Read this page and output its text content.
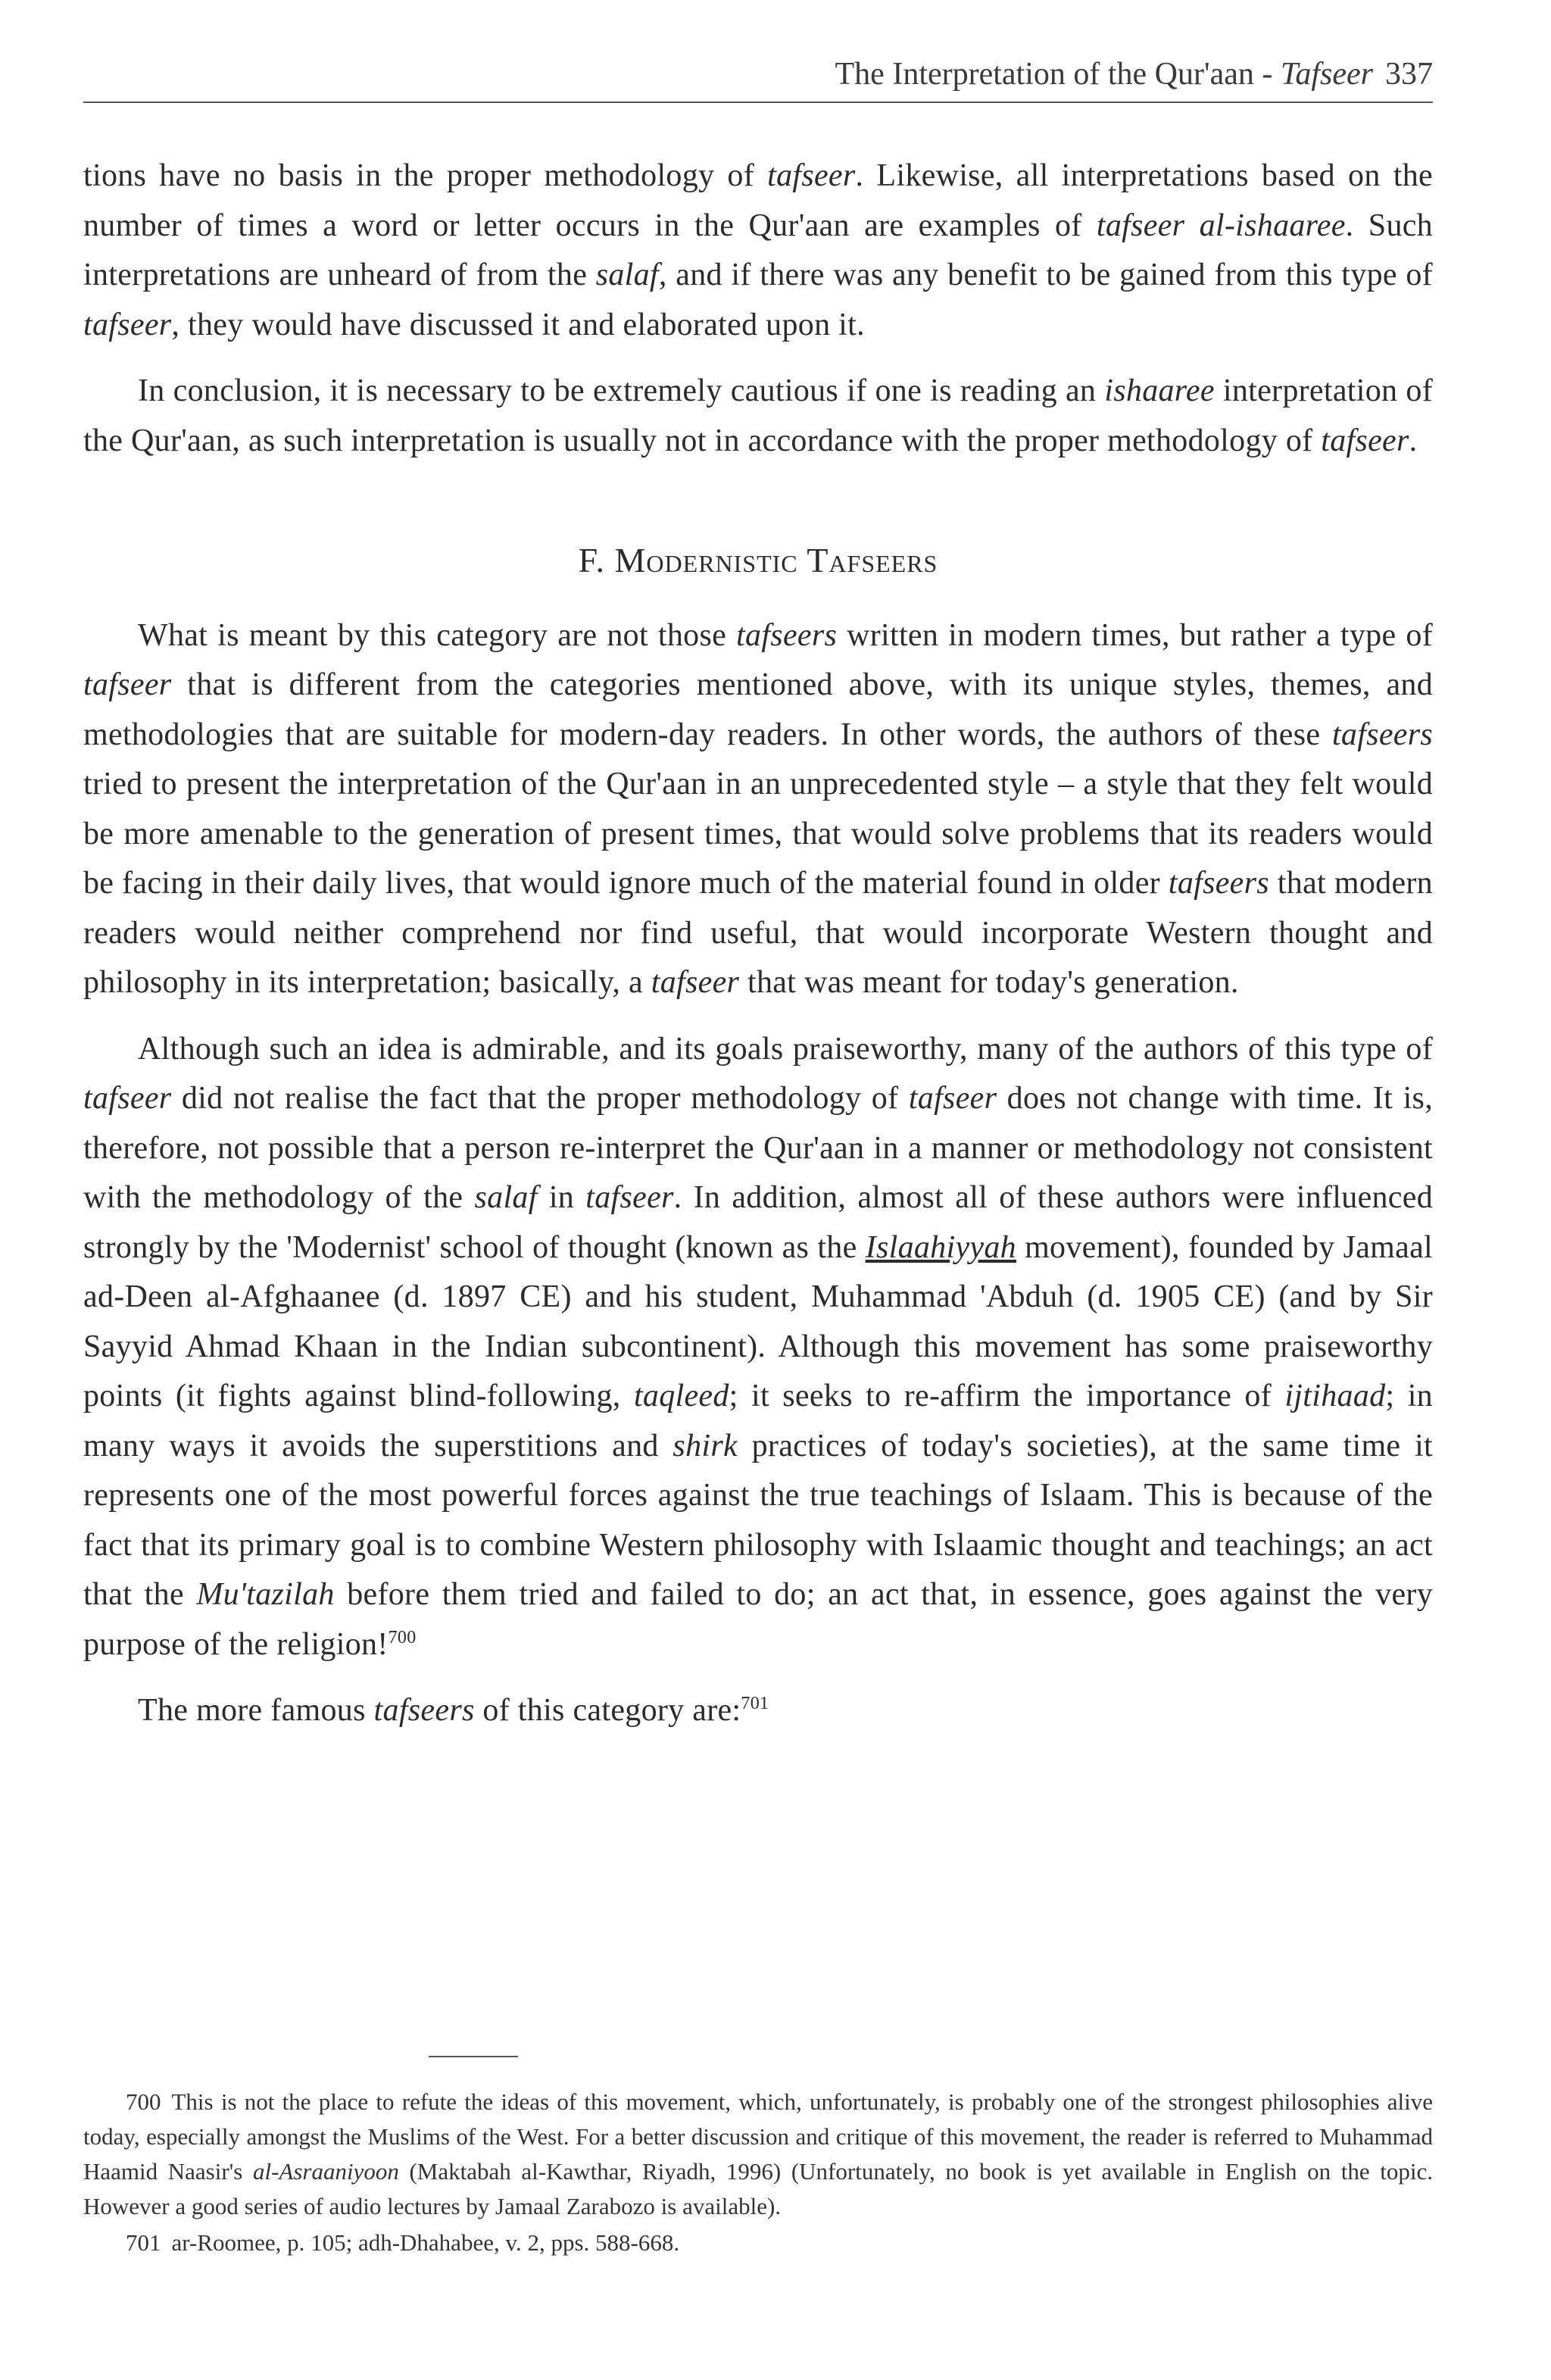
The Interpretation of the Qur'aan - Tafseer 337

tions have no basis in the proper methodology of tafseer. Likewise, all interpretations based on the number of times a word or letter occurs in the Qur'aan are examples of tafseer al-ishaaree. Such interpretations are unheard of from the salaf, and if there was any benefit to be gained from this type of tafseer, they would have discussed it and elaborated upon it.

In conclusion, it is necessary to be extremely cautious if one is reading an ishaaree interpretation of the Qur'aan, as such interpretation is usually not in accordance with the proper methodology of tafseer.

F. Modernistic Tafseers

What is meant by this category are not those tafseers written in modern times, but rather a type of tafseer that is different from the categories mentioned above, with its unique styles, themes, and methodologies that are suitable for modern-day readers. In other words, the authors of these tafseers tried to present the interpretation of the Qur'aan in an unprecedented style – a style that they felt would be more amenable to the generation of present times, that would solve problems that its readers would be facing in their daily lives, that would ignore much of the material found in older tafseers that modern readers would neither comprehend nor find useful, that would incorporate Western thought and philosophy in its interpretation; basically, a tafseer that was meant for today's generation.

Although such an idea is admirable, and its goals praiseworthy, many of the authors of this type of tafseer did not realise the fact that the proper methodology of tafseer does not change with time. It is, therefore, not possible that a person re-interpret the Qur'aan in a manner or methodology not consistent with the methodology of the salaf in tafseer. In addition, almost all of these authors were influenced strongly by the 'Modernist' school of thought (known as the Islaahiyyah movement), founded by Jamaal ad-Deen al-Afghaanee (d. 1897 CE) and his student, Muhammad 'Abduh (d. 1905 CE) (and by Sir Sayyid Ahmad Khaan in the Indian subcontinent). Although this movement has some praiseworthy points (it fights against blind-following, taqleed; it seeks to re-affirm the importance of ijtihaad; in many ways it avoids the superstitions and shirk practices of today's societies), at the same time it represents one of the most powerful forces against the true teachings of Islaam. This is because of the fact that its primary goal is to combine Western philosophy with Islaamic thought and teachings; an act that the Mu'tazilah before them tried and failed to do; an act that, in essence, goes against the very purpose of the religion!$^{700}$

The more famous tafseers of this category are:$^{701}$

700 This is not the place to refute the ideas of this movement, which, unfortunately, is probably one of the strongest philosophies alive today, especially amongst the Muslims of the West. For a better discussion and critique of this movement, the reader is referred to Muhammad Haamid Naasir's al-Asraaniyoon (Maktabah al-Kawthar, Riyadh, 1996) (Unfortunately, no book is yet available in English on the topic. However a good series of audio lectures by Jamaal Zarabozo is available).

701 ar-Roomee, p. 105; adh-Dhahabee, v. 2, pps. 588-668.
